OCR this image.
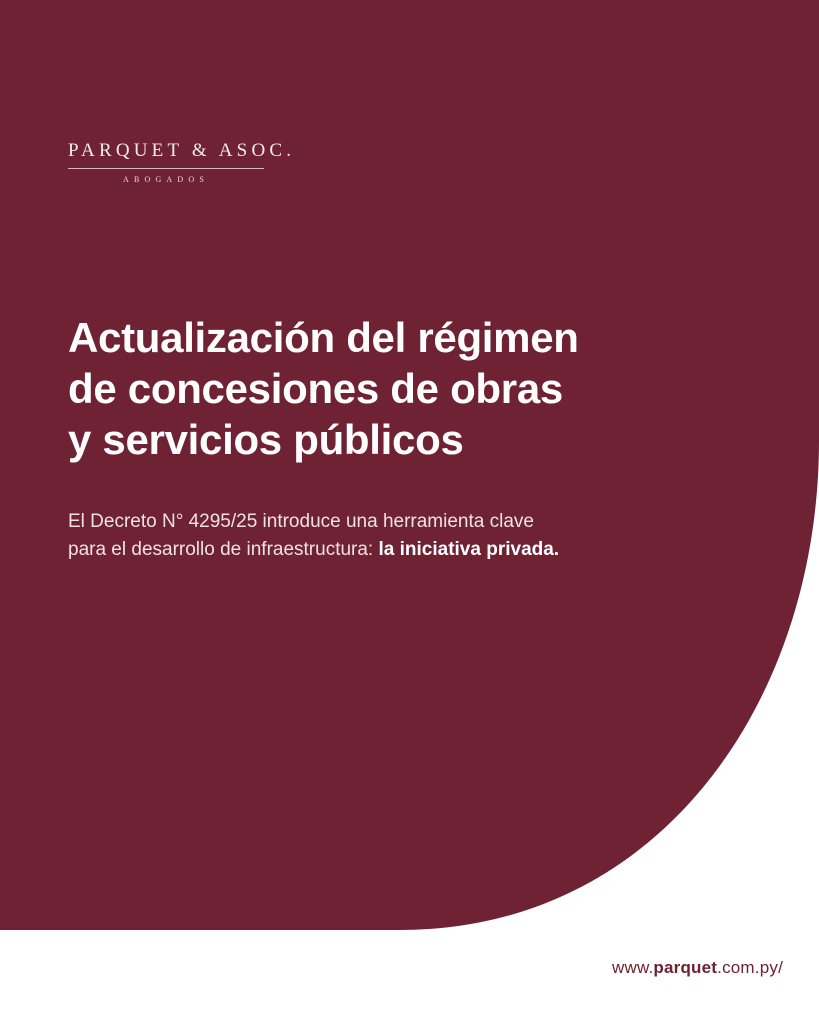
PARQUET & ASOC.
ABOGADOS
Actualización del régimen
de concesiones de obras
y servicios públicos
El Decreto N° 4295/25 introduce una herramienta clave
para el desarrollo de infraestructura: la iniciativa privada.
www.parquet.com.py/
